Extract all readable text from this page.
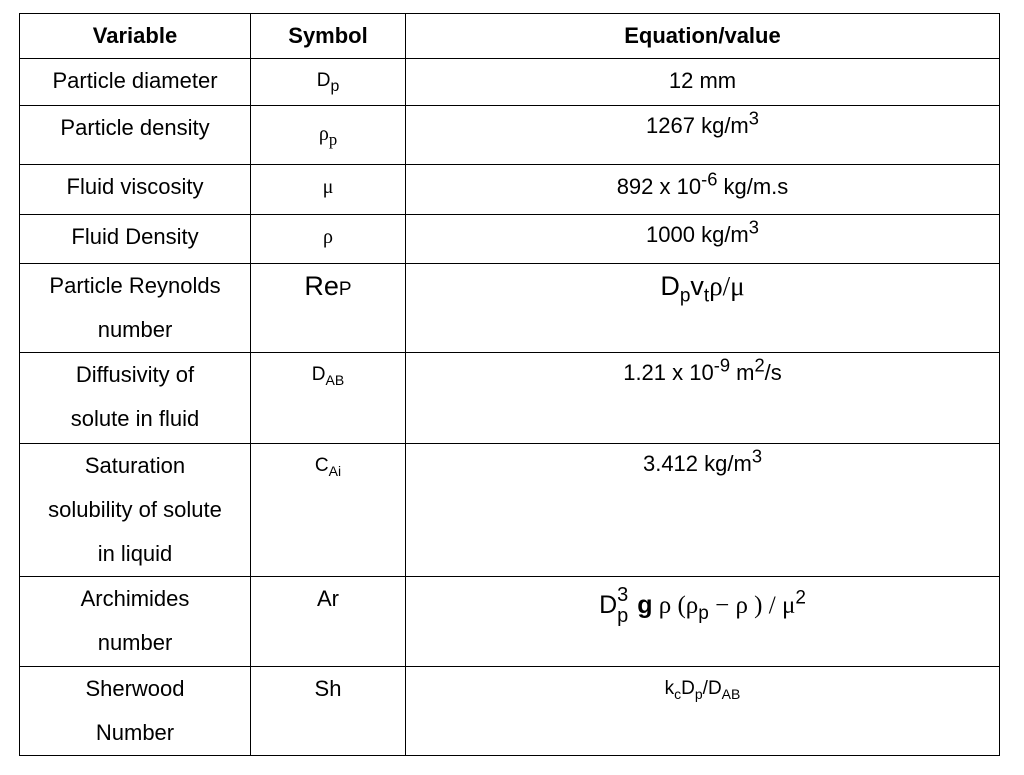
Variable	Symbol	Equation/value
Particle diameter	$D_p$	12 mm
Particle density	$\rho_p$	1267 $kg/m^3$
Fluid viscosity	μ	892 x $10^{-6}$ kg/m.s
Fluid Density	ρ	1000 $kg/m^3$
Particle Reynolds
number	ReP	$D_pv_t\rho/\mu$
Diffusivity of
solute in fluid	$D_{AB}$	1.21 x $10^{-9}$ $m^2/s$
Saturation
solubility of solute
in liquid	$C_{Ai}$	3.412 $kg/m^3$
Archimides
number	Ar	D 3
p g ρ ($\rho_p - \rho$ ) / $\mu^2$
Sherwood
Number	Sh	$k_cD_p/D_{AB}$
